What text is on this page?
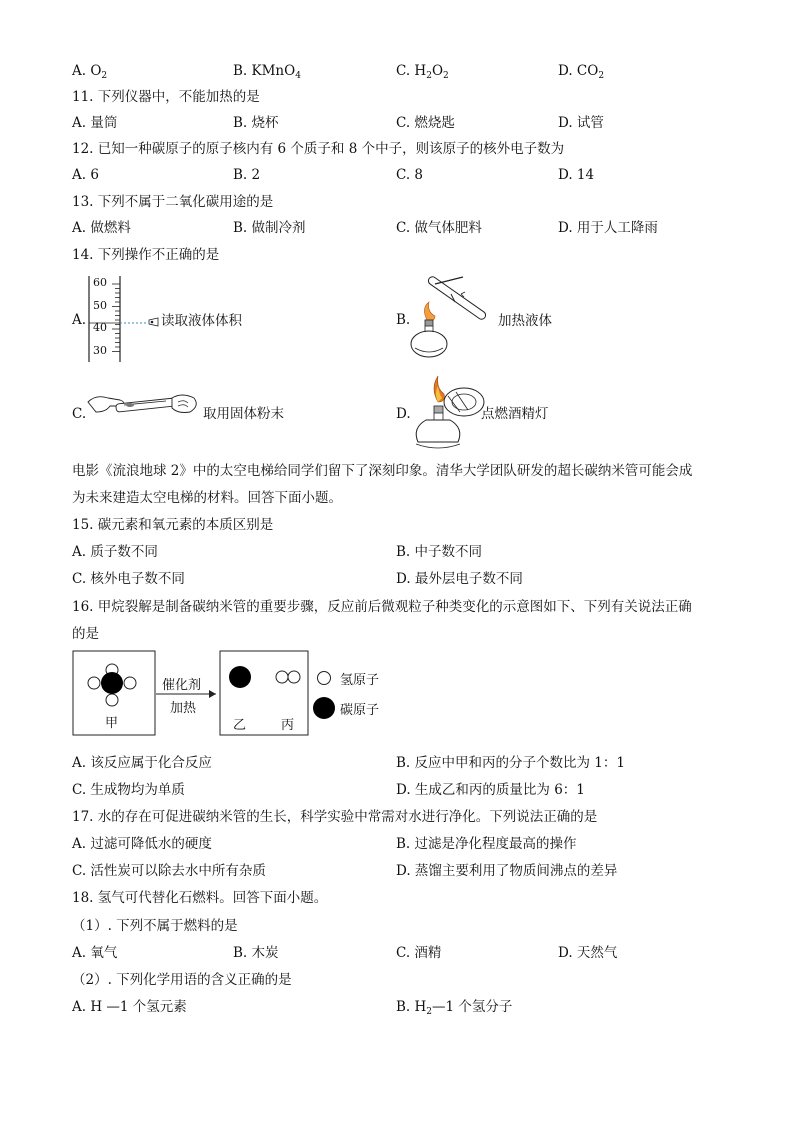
A. $O_2$	B. KMnO$_4$	C. $H_2O_2$	D. $CO_2$
11. 下列仪器中，不能加热的是
A. 量筒	B. 烧杯	C. 燃烧匙	D. 试管
12. 已知一种碳原子的原子核内有 6 个质子和 8 个中子，则该原子的核外电子数为
A. 6	B. 2	C. 8	D. 14
13. 下列不属于二氧化碳用途的是
A. 做燃料	B. 做制冷剂	C. 做气体肥料	D. 用于人工降雨
14. 下列操作不正确的是
A.
60
50
40
30
读取液体体积	B.	加热液体
C.	取用固体粉末	D.	点燃酒精灯
电影《流浪地球 2》中的太空电梯给同学们留下了深刻印象。清华大学团队研发的超长碳纳米管可能会成
为未来建造太空电梯的材料。回答下面小题。
15. 碳元素和氧元素的本质区别是
A. 质子数不同	B. 中子数不同
C. 核外电子数不同	D. 最外层电子数不同
16. 甲烷裂解是制备碳纳米管的重要步骤，反应前后微观粒子种类变化的示意图如下、下列有关说法正确
的是
甲
催化剂
加热
乙	丙
氢原子
碳原子
A. 该反应属于化合反应	B. 反应中甲和丙的分子个数比为 1：1
C. 生成物均为单质	D. 生成乙和丙的质量比为 6：1
17. 水的存在可促进碳纳米管的生长，科学实验中常需对水进行净化。下列说法正确的是
A. 过滤可降低水的硬度	B. 过滤是净化程度最高的操作
C. 活性炭可以除去水中所有杂质	D. 蒸馏主要利用了物质间沸点的差异
18. 氢气可代替化石燃料。回答下面小题。
（1）. 下列不属于燃料的是
A. 氧气	B. 木炭	C. 酒精	D. 天然气
（2）. 下列化学用语的含义正确的是
A. H —1 个氢元素	B. $H_2—1$ 个氢分子
